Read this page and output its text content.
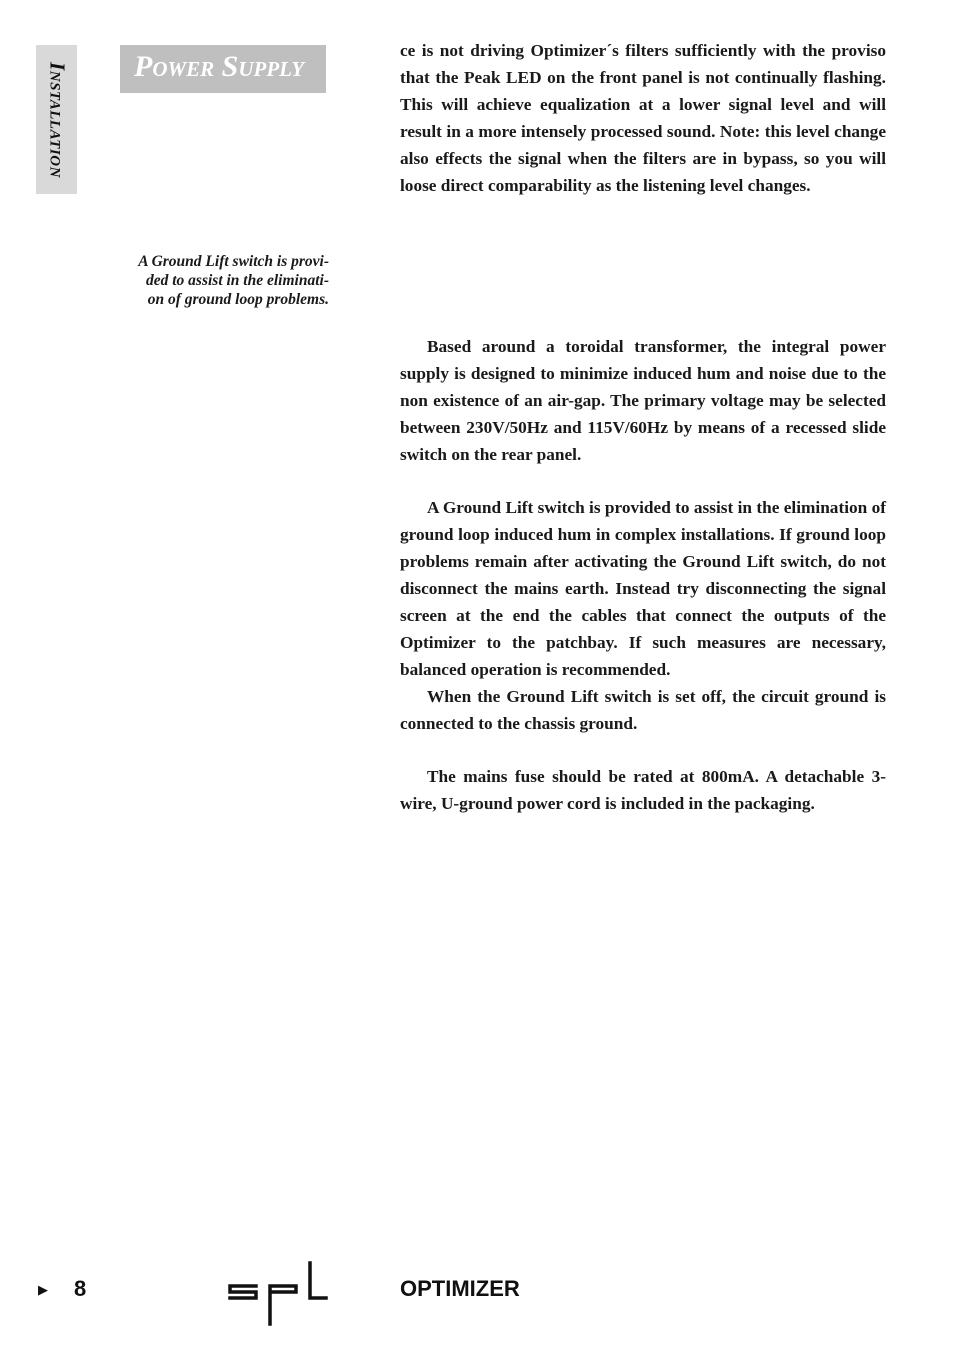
Installation Power Supply
A Ground Lift switch is provi-
ded to assist in the eliminati-
on of ground loop problems.

ce is not driving Optimizer´s filters sufficiently with the proviso that the Peak LED on the front panel is not continually flashing. This will achieve equalization at a lower signal level and will result in a more intensely processed sound. Note: this level change also effects the signal when the filters are in bypass, so you will loose direct comparability as the listening level changes.

Based around a toroidal transformer, the integral power supply is designed to minimize induced hum and noise due to the non existence of an air-gap. The primary voltage may be selected between 230V/50Hz and 115V/60Hz by means of a recessed slide switch on the rear panel.

A Ground Lift switch is provided to assist in the elimination of ground loop induced hum in complex installations. If ground loop problems remain after activating the Ground Lift switch, do not disconnect the mains earth. Instead try disconnecting the signal screen at the end the cables that connect the outputs of the Optimizer to the patchbay. If such measures are necessary, balanced operation is recommended.

When the Ground Lift switch is set off, the circuit ground is connected to the chassis ground.

The mains fuse should be rated at 800mA. A detachable 3-wire, U-ground power cord is included in the packaging.

▶ 8	OPTIMIZER
